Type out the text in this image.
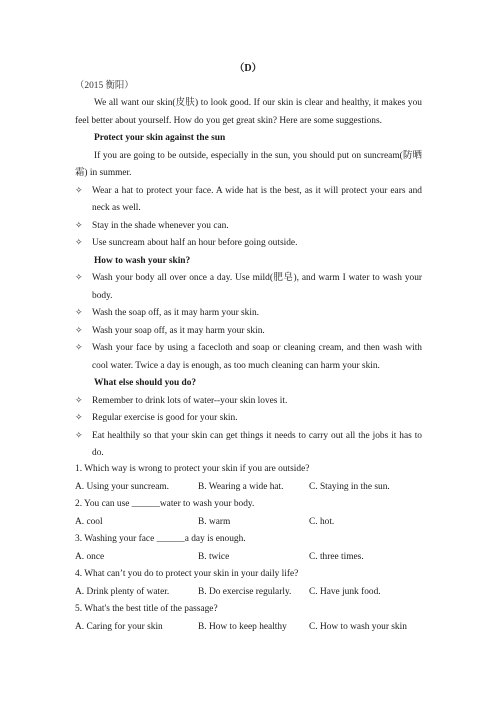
（D）
（2015 衡阳）

We all want our skin(皮肤) to look good. If our skin is clear and healthy, it makes you feel better about yourself. How do you get great skin? Here are some suggestions.

Protect your skin against the sun

If you are going to be outside, especially in the sun, you should put on suncream(防晒霜) in summer.

✧ Wear a hat to protect your face. A wide hat is the best, as it will protect your ears and neck as well.
✧ Stay in the shade whenever you can.
✧ Use suncream about half an hour before going outside.

How to wash your skin?

✧ Wash your body all over once a day. Use mild(肥皂), and warm I water to wash your body.
✧ Wash the soap off, as it may harm your skin.
✧ Wash your soap off, as it may harm your skin.
✧ Wash your face by using a facecloth and soap or cleaning cream, and then wash with cool water. Twice a day is enough, as too much cleaning can harm your skin.

What else should you do?

✧ Remember to drink lots of water--your skin loves it.
✧ Regular exercise is good for your skin.
✧ Eat healthily so that your skin can get things it needs to carry out all the jobs it has to do.

1. Which way is wrong to protect your skin if you are outside?

A. Using your suncream.	B. Wearing a wide hat.	C. Staying in the sun.

2. You can use ______water to wash your body.

A. cool	B. warm	C. hot.

3. Washing your face ______a day is enough.

A. once	B. twice	C. three times.

4. What can’t you do to protect your skin in your daily life?

A. Drink plenty of water.	B. Do exercise regularly.	C. Have junk food.

5. What's the best title of the passage?

A. Caring for your skin	B. How to keep healthy	C. How to wash your skin
